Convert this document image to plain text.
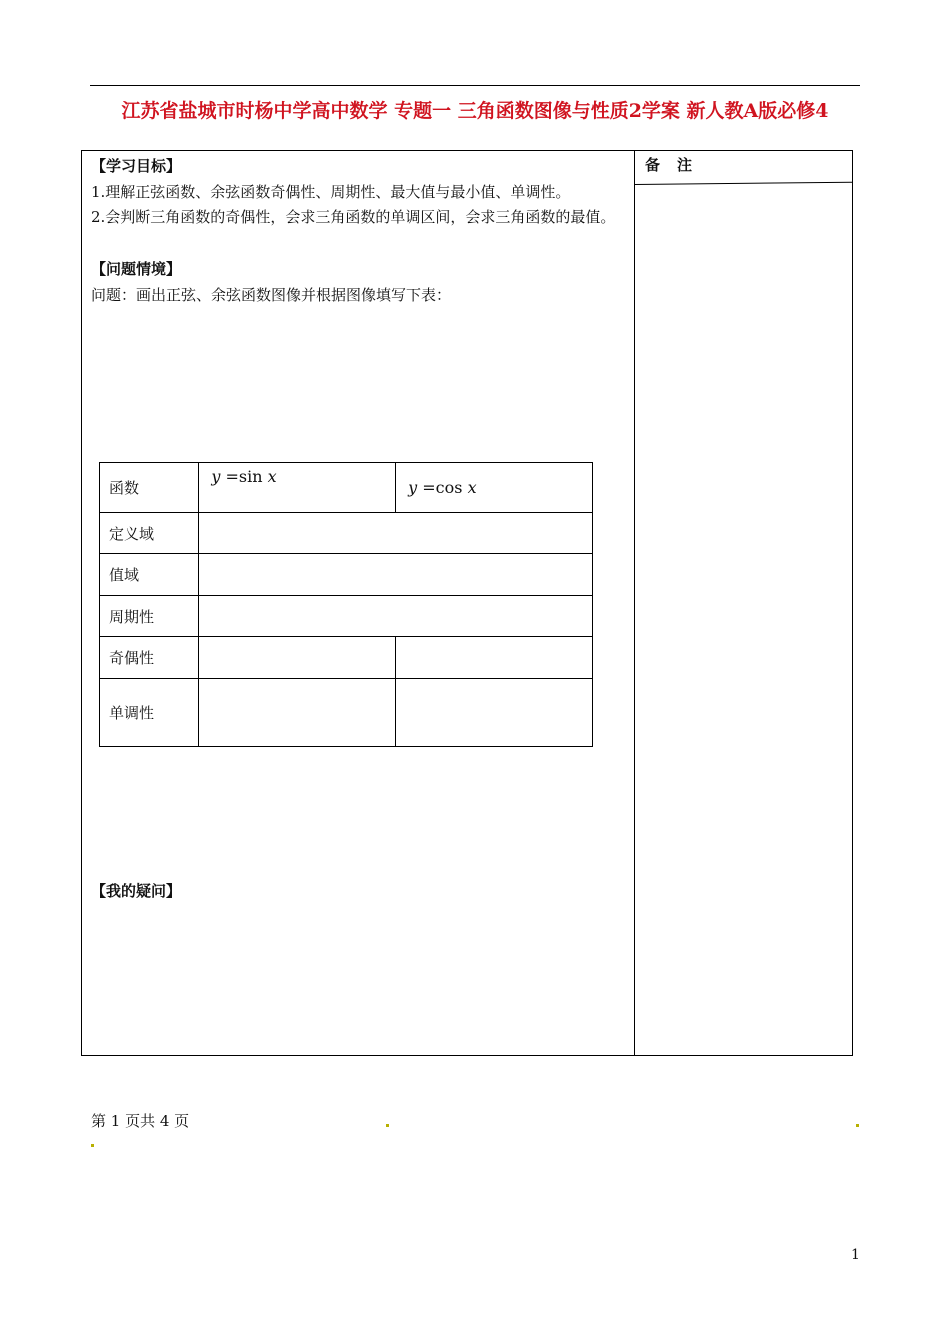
江苏省盐城市时杨中学高中数学 专题一 三角函数图像与性质2学案 新人教A版必修4
备　注
【学习目标】
1.理解正弦函数、余弦函数奇偶性、周期性、最大值与最小值、单调性。
2.会判断三角函数的奇偶性，会求三角函数的单调区间，会求三角函数的最值。
【问题情境】
问题：画出正弦、余弦函数图像并根据图像填写下表：
函数	y =sin x	y =cos x
定义域		
值域		
周期性		
奇偶性		
单调性		
【我的疑问】
第 1 页共 4 页
1
